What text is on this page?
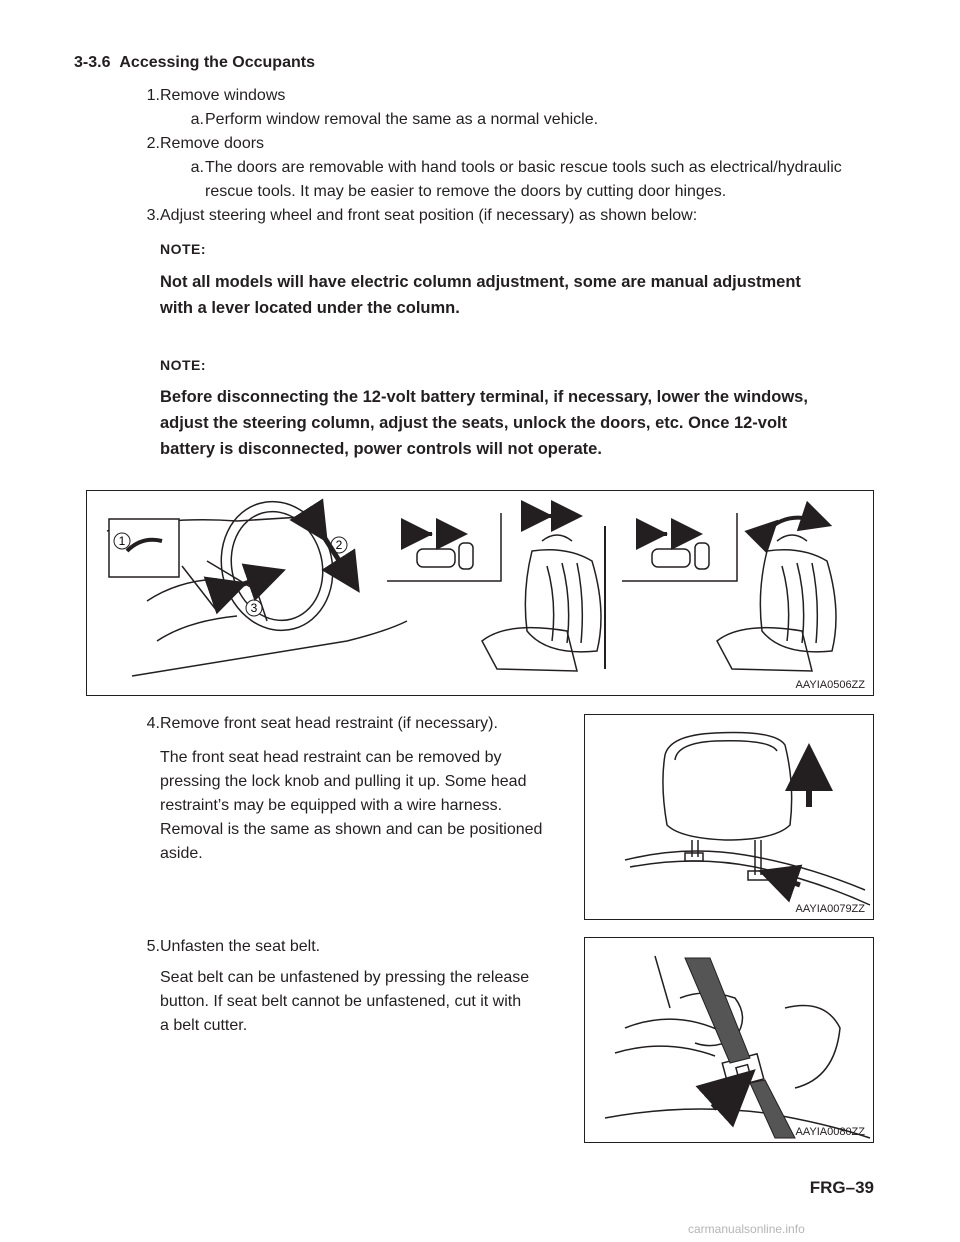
3-3.6 Accessing the Occupants
1. Remove windows
a. Perform window removal the same as a normal vehicle.
2. Remove doors
a. The doors are removable with hand tools or basic rescue tools such as electrical/hydraulic
rescue tools. It may be easier to remove the doors by cutting door hinges.
3. Adjust steering wheel and front seat position (if necessary) as shown below:
NOTE:
Not all models will have electric column adjustment, some are manual adjustment
with a lever located under the column.
NOTE:
Before disconnecting the 12-volt battery terminal, if necessary, lower the windows,
adjust the steering column, adjust the seats, unlock the doors, etc. Once 12-volt
battery is disconnected, power controls will not operate.
1	2
3
AAYIA0506ZZ
4. Remove front seat head restraint (if necessary).
The front seat head restraint can be removed by
pressing the lock knob and pulling it up. Some head
restraint’s may be equipped with a wire harness.
Removal is the same as shown and can be positioned
aside.
AAYIA0079ZZ
5. Unfasten the seat belt.
Seat belt can be unfastened by pressing the release
button. If seat belt cannot be unfastened, cut it with
a belt cutter.
AAYIA0080ZZ
FRG–39
carmanualsonline.info
